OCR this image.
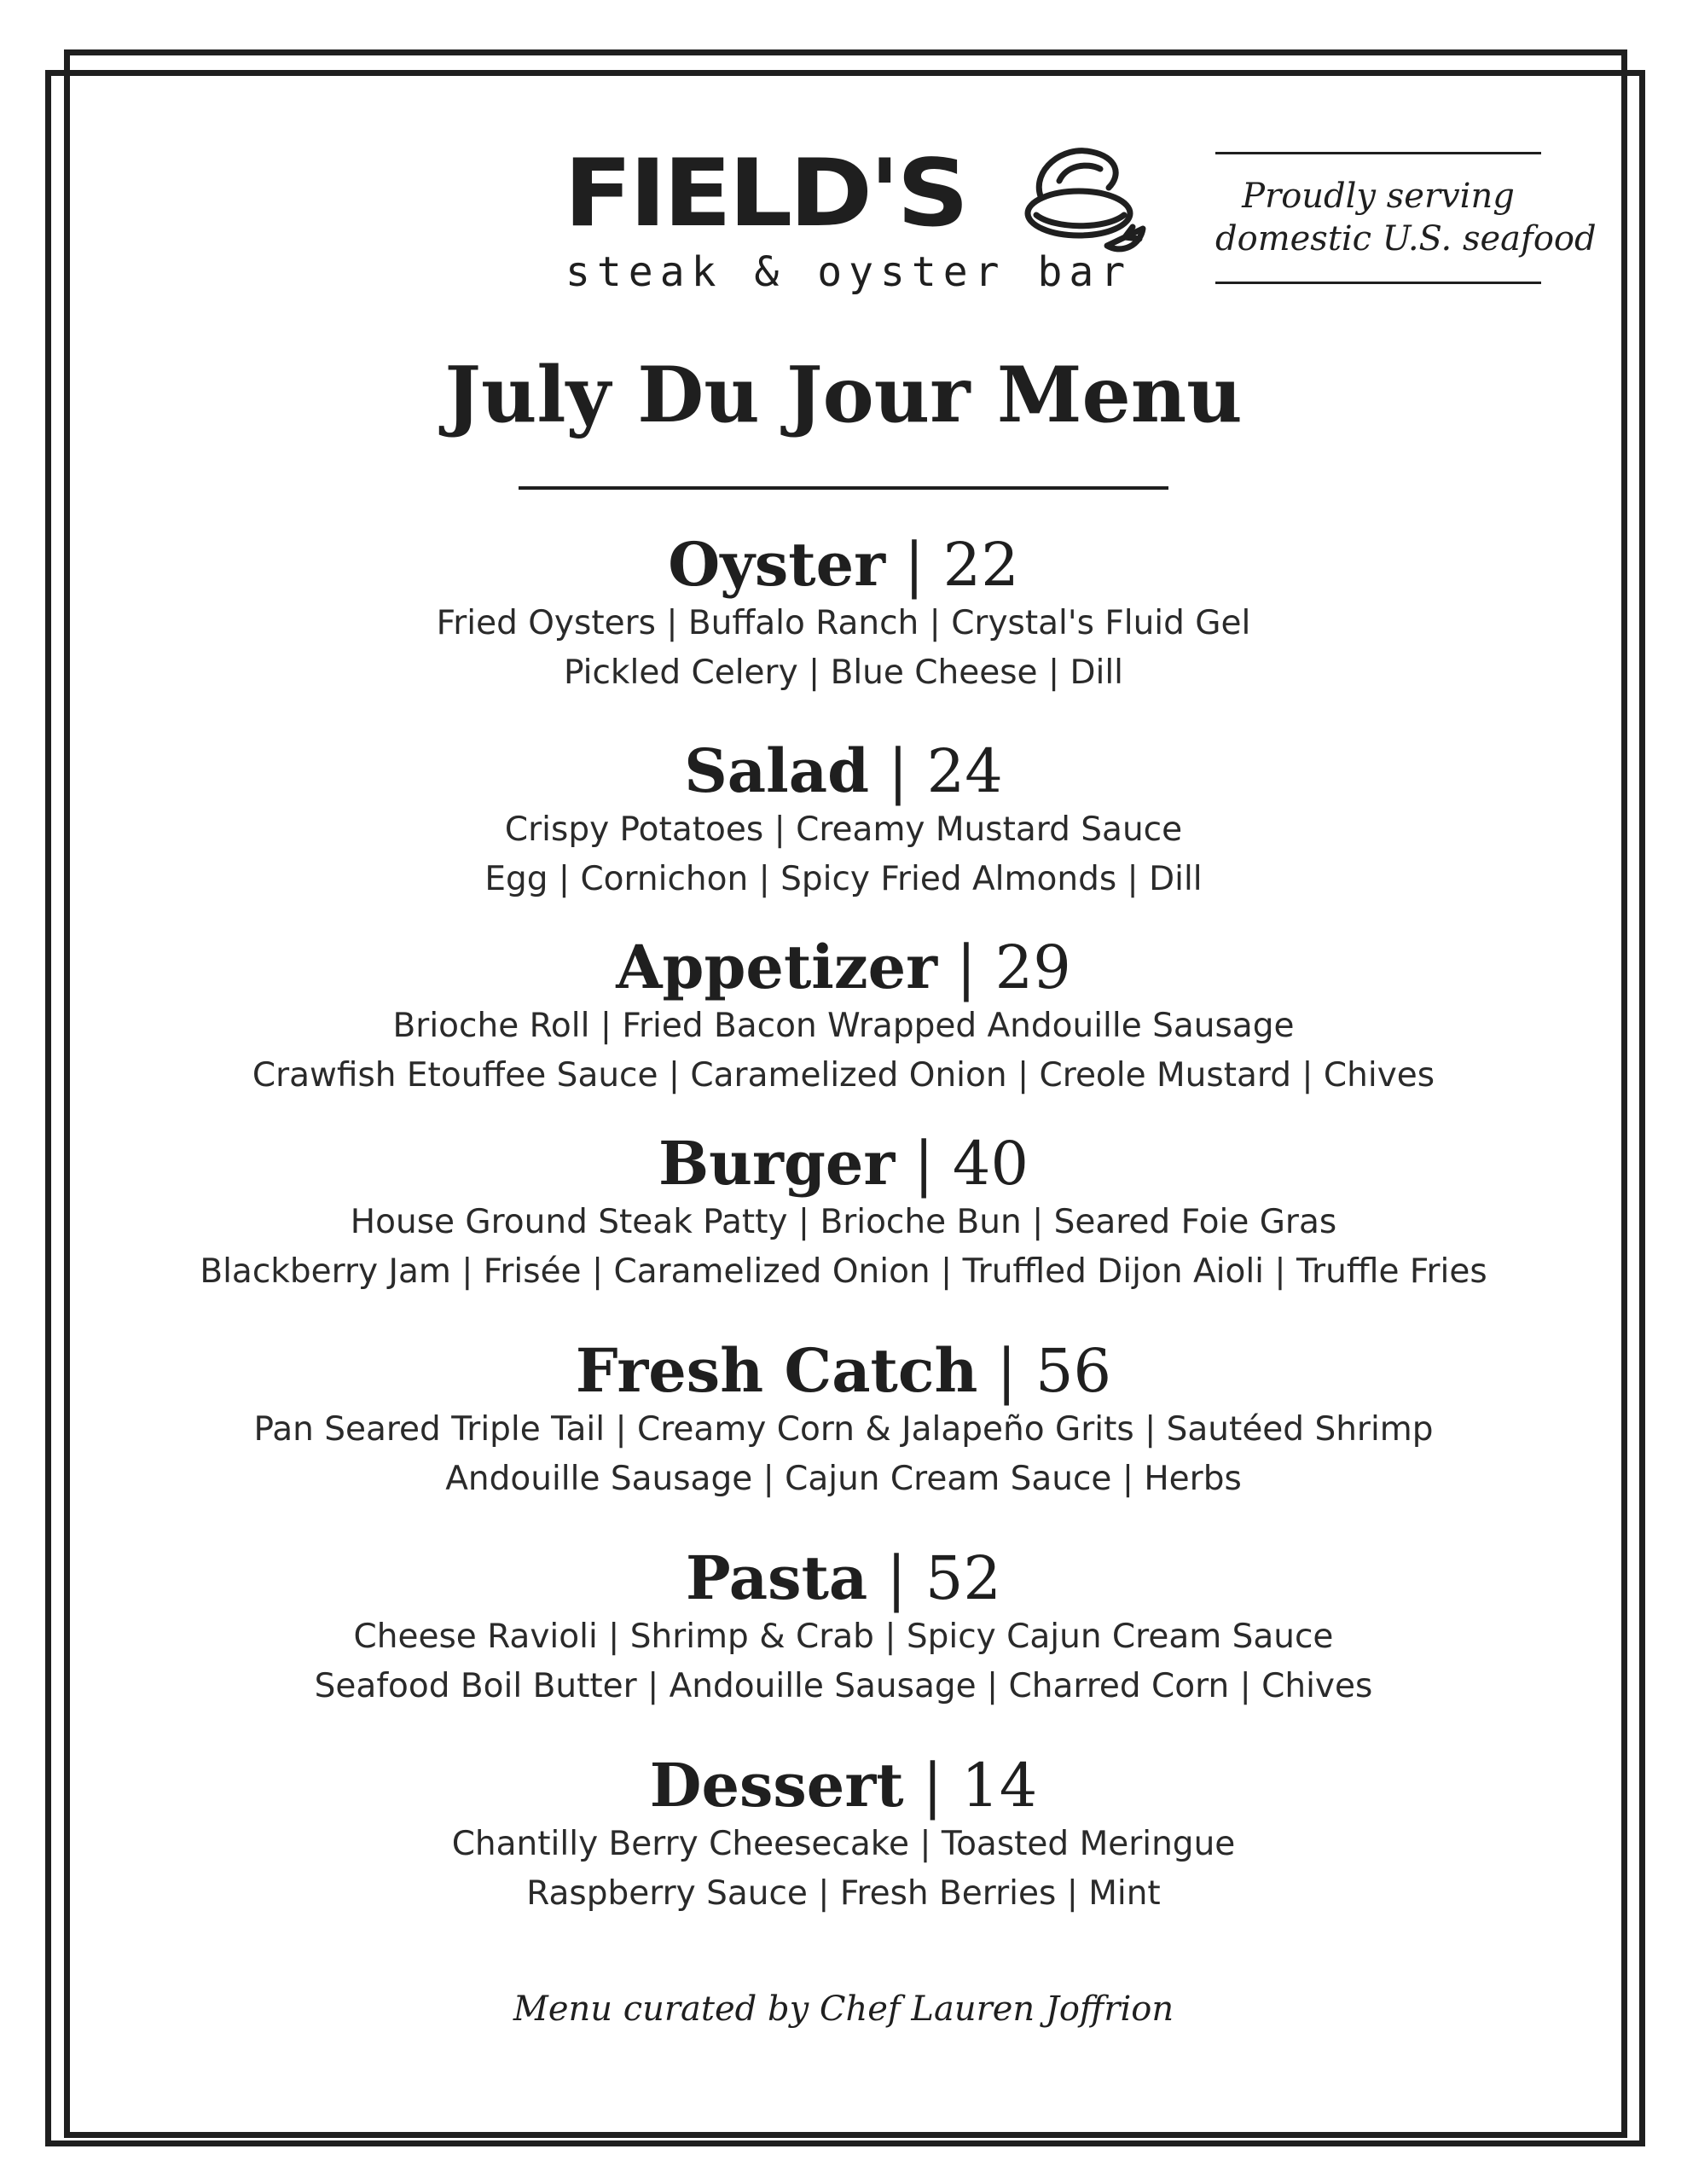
FIELD'S
steak & oyster bar
Proudly serving
domestic U.S. seafood
July Du Jour Menu
Oyster | 22
Fried Oysters | Buffalo Ranch | Crystal's Fluid Gel
Pickled Celery | Blue Cheese | Dill
Salad | 24
Crispy Potatoes | Creamy Mustard Sauce
Egg | Cornichon | Spicy Fried Almonds | Dill
Appetizer | 29
Brioche Roll | Fried Bacon Wrapped Andouille Sausage
Crawfish Etouffee Sauce | Caramelized Onion | Creole Mustard | Chives
Burger | 40
House Ground Steak Patty | Brioche Bun | Seared Foie Gras
Blackberry Jam | Frisée | Caramelized Onion | Truffled Dijon Aioli | Truffle Fries
Fresh Catch | 56
Pan Seared Triple Tail | Creamy Corn & Jalapeño Grits | Sautéed Shrimp
Andouille Sausage | Cajun Cream Sauce | Herbs
Pasta | 52
Cheese Ravioli | Shrimp & Crab | Spicy Cajun Cream Sauce
Seafood Boil Butter | Andouille Sausage | Charred Corn | Chives
Dessert | 14
Chantilly Berry Cheesecake | Toasted Meringue
Raspberry Sauce | Fresh Berries | Mint
Menu curated by Chef Lauren Joffrion
